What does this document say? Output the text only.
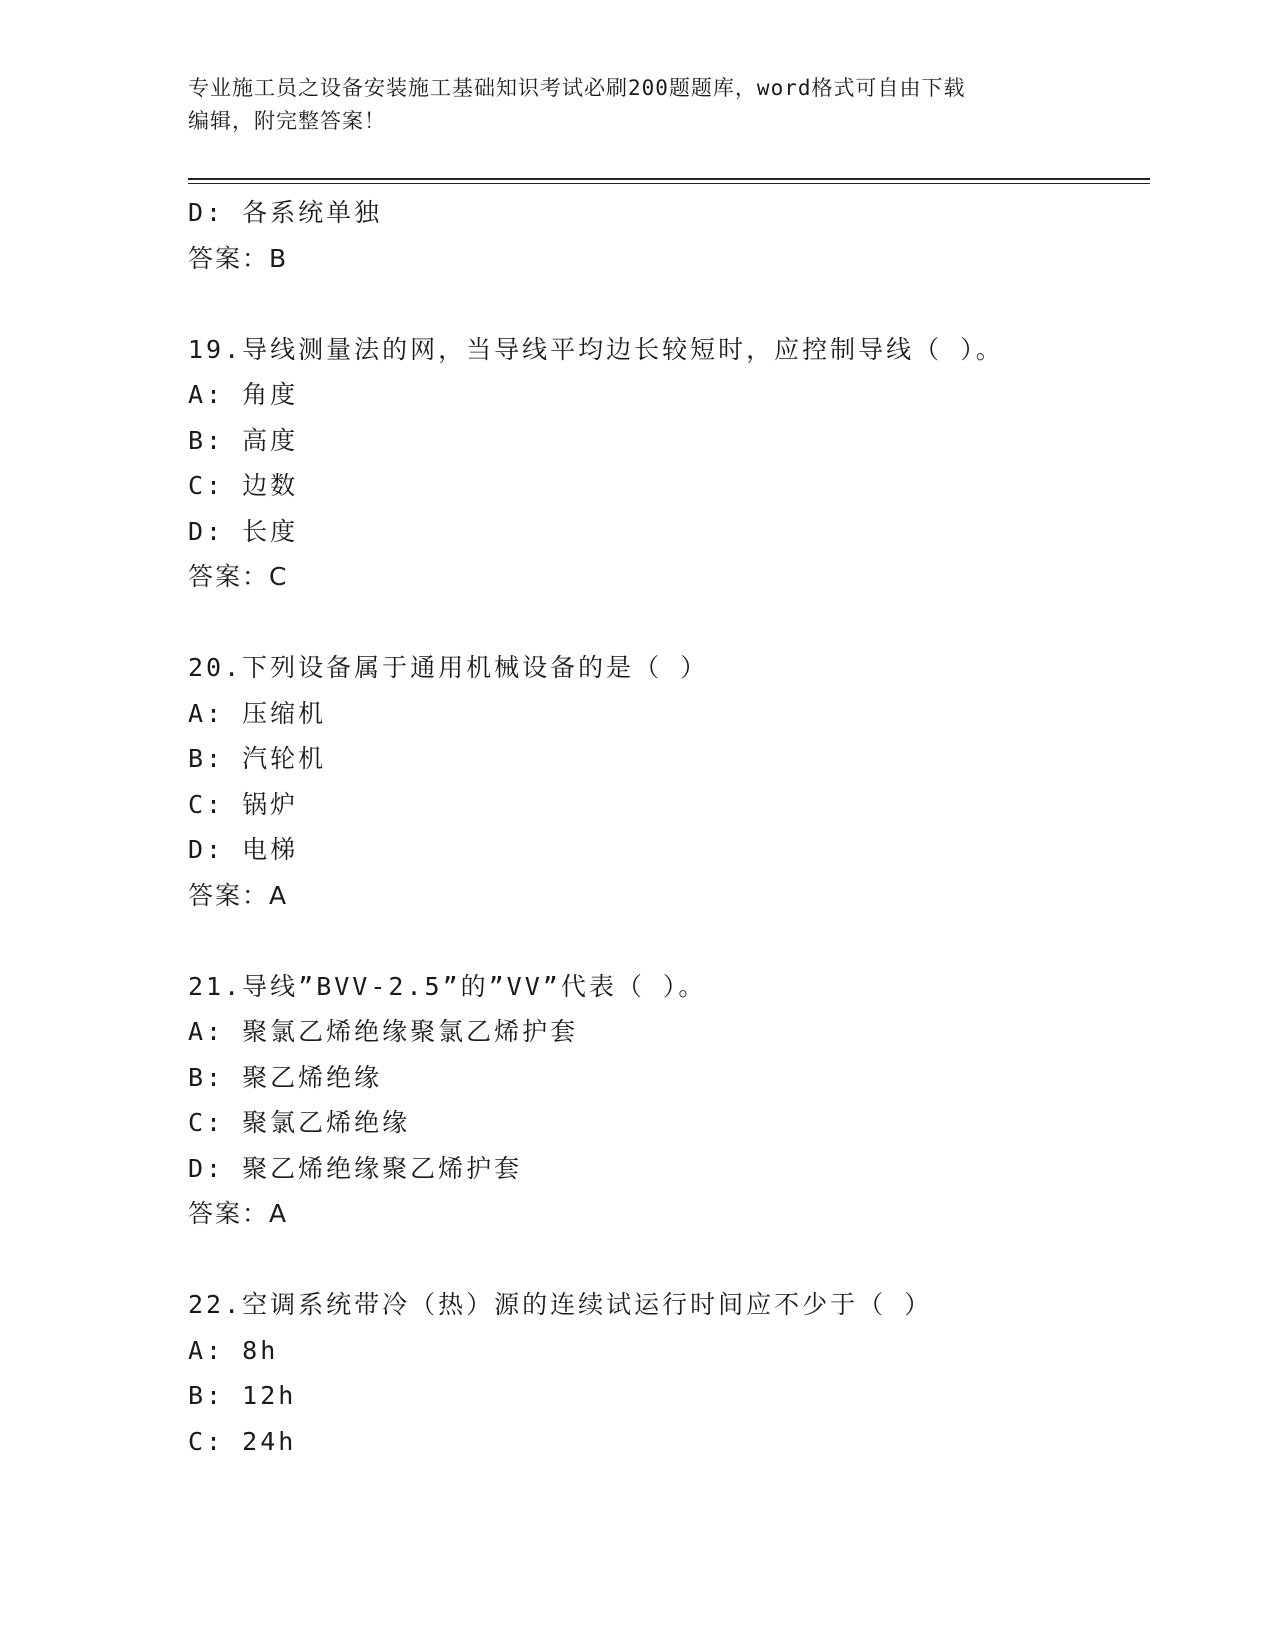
专业施工员之设备安装施工基础知识考试必刷200题题库，word格式可自由下载
编辑，附完整答案！
D: 各系统单独
答案：B
19.导线测量法的网，当导线平均边长较短时，应控制导线（ ）。
A: 角度
B: 高度
C: 边数
D: 长度
答案：C
20.下列设备属于通用机械设备的是（ ）
A: 压缩机
B: 汽轮机
C: 锅炉
D: 电梯
答案：A
21.导线”BVV-2.5”的”VV”代表（ ）。
A: 聚氯乙烯绝缘聚氯乙烯护套
B: 聚乙烯绝缘
C: 聚氯乙烯绝缘
D: 聚乙烯绝缘聚乙烯护套
答案：A
22.空调系统带冷（热）源的连续试运行时间应不少于（ ）
A: 8h
B: 12h
C: 24h
